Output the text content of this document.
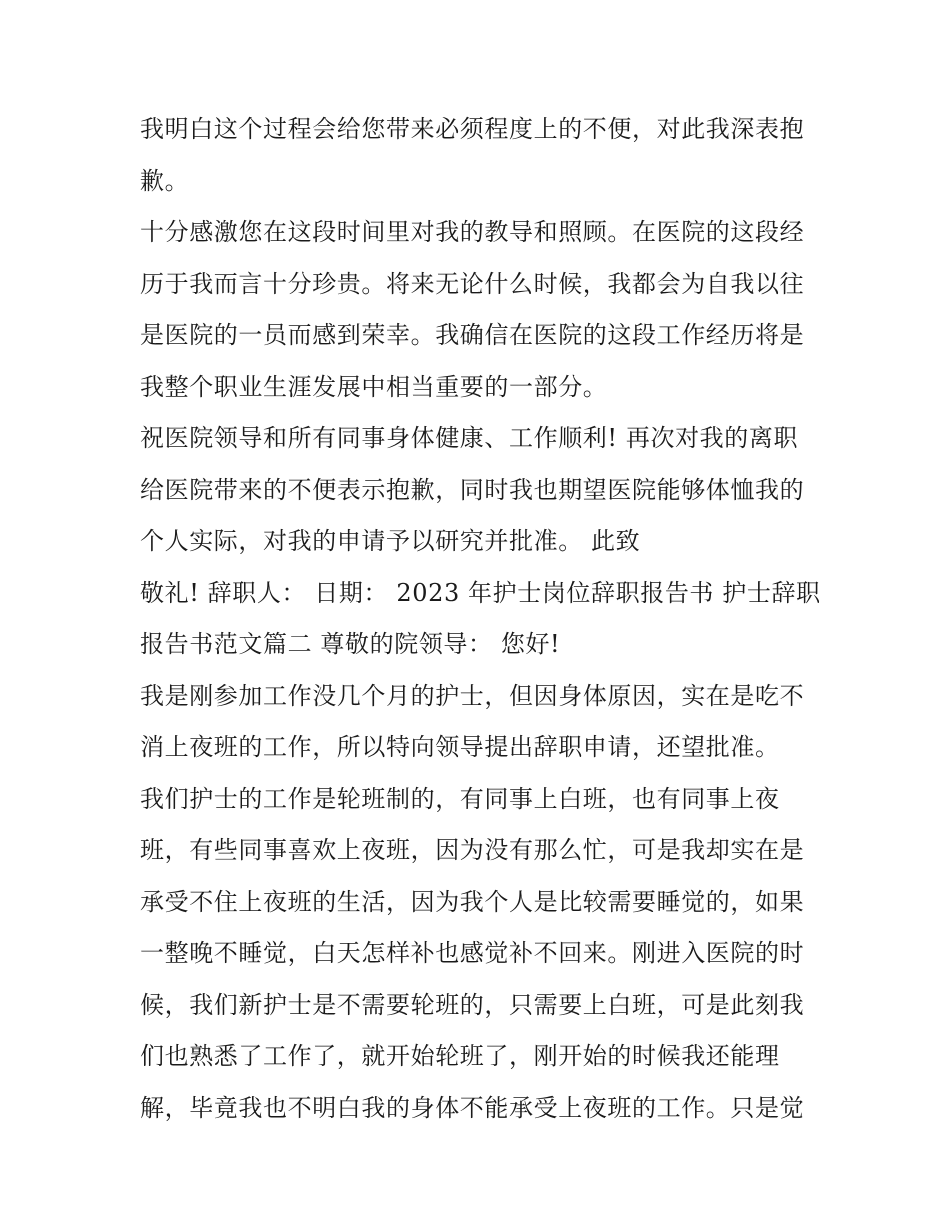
我明白这个过程会给您带来必须程度上的不便，对此我深表抱
歉。
十分感激您在这段时间里对我的教导和照顾。在医院的这段经
历于我而言十分珍贵。将来无论什么时候，我都会为自我以往
是医院的一员而感到荣幸。我确信在医院的这段工作经历将是
我整个职业生涯发展中相当重要的一部分。
祝医院领导和所有同事身体健康、工作顺利! 再次对我的离职
给医院带来的不便表示抱歉，同时我也期望医院能够体恤我的
个人实际，对我的申请予以研究并批准。 此致
敬礼! 辞职人： 日期： 2023 年护士岗位辞职报告书 护士辞职
报告书范文篇二 尊敬的院领导： 您好!
我是刚参加工作没几个月的护士，但因身体原因，实在是吃不
消上夜班的工作，所以特向领导提出辞职申请，还望批准。
我们护士的工作是轮班制的，有同事上白班，也有同事上夜
班，有些同事喜欢上夜班，因为没有那么忙，可是我却实在是
承受不住上夜班的生活，因为我个人是比较需要睡觉的，如果
一整晚不睡觉，白天怎样补也感觉补不回来。刚进入医院的时
候，我们新护士是不需要轮班的，只需要上白班，可是此刻我
们也熟悉了工作了，就开始轮班了，刚开始的时候我还能理
解，毕竟我也不明白我的身体不能承受上夜班的工作。只是觉
